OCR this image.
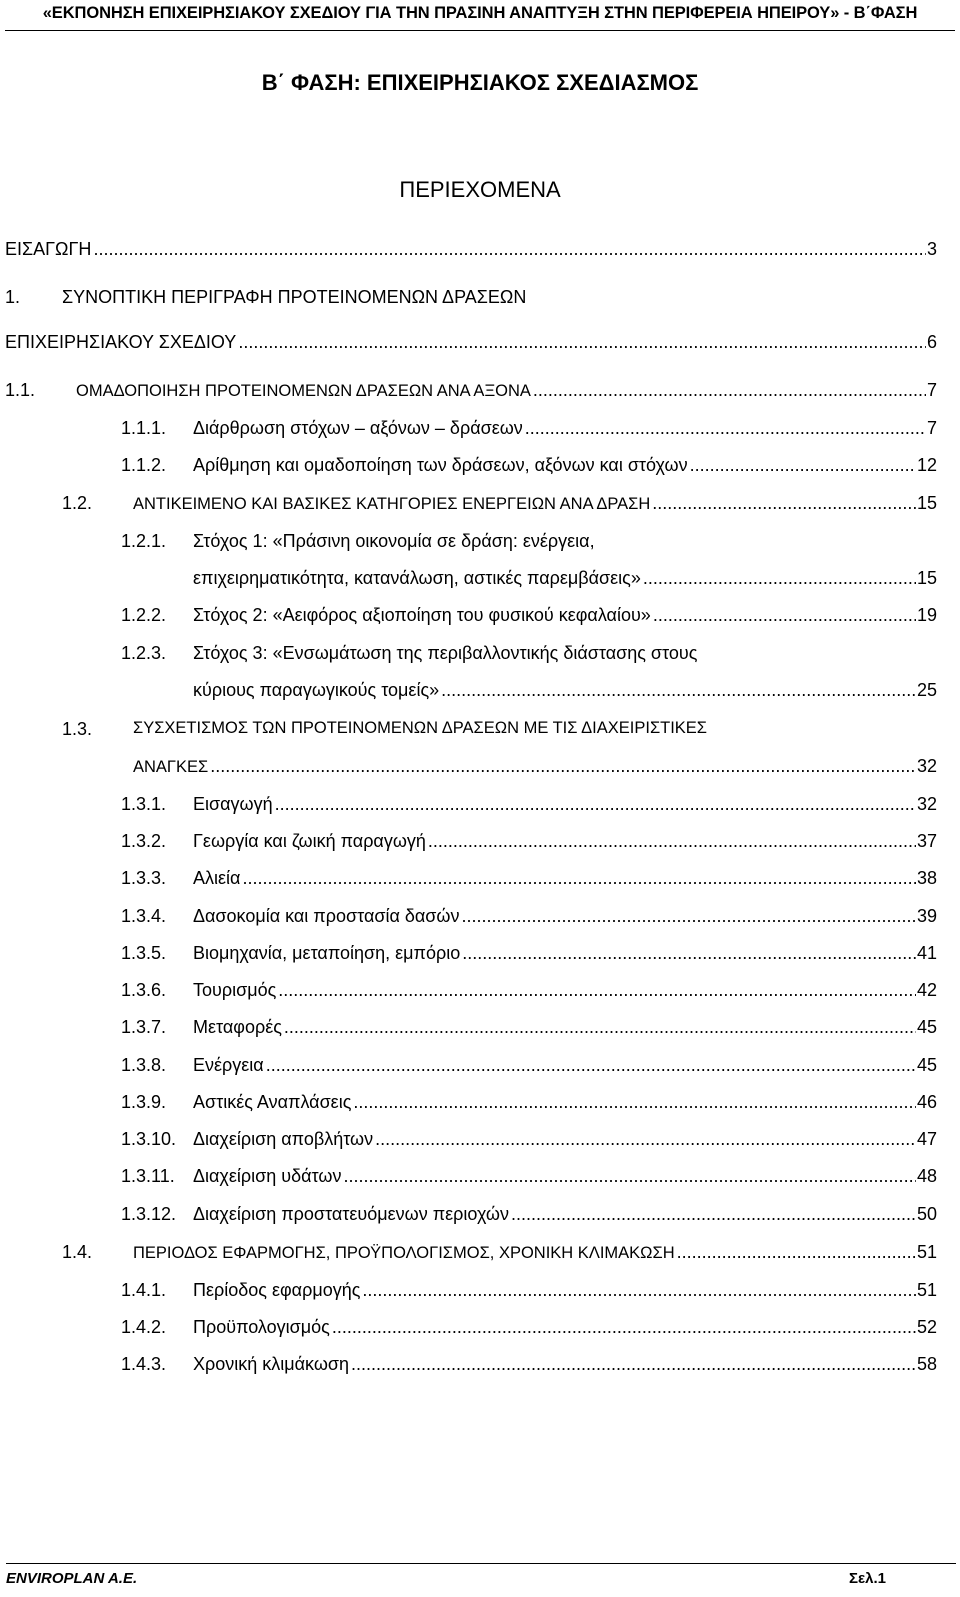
«ΕΚΠΟΝΗΣΗ ΕΠΙΧΕΙΡΗΣΙΑΚΟΥ ΣΧΕΔΙΟΥ ΓΙΑ ΤΗΝ ΠΡΑΣΙΝΗ ΑΝΑΠΤΥΞΗ ΣΤΗΝ ΠΕΡΙΦΕΡΕΙΑ ΗΠΕΙΡΟΥ» - Β΄ΦΑΣΗ
Β΄ ΦΑΣΗ: ΕΠΙΧΕΙΡΗΣΙΑΚΟΣ ΣΧΕΔΙΑΣΜΟΣ
ΠΕΡΙΕΧΟΜΕΝΑ
ΕΙΣΑΓΩΓΗ .....	3
1. ΣΥΝΟΠΤΙΚΗ ΠΕΡΙΓΡΑΦΗ ΠΡΟΤΕΙΝΟΜΕΝΩΝ ΔΡΑΣΕΩΝ
ΕΠΙΧΕΙΡΗΣΙΑΚΟΥ ΣΧΕΔΙΟΥ .....	6
1.1. ΟΜΑΔΟΠΟΙΗΣΗ ΠΡΟΤΕΙΝΟΜΕΝΩΝ ΔΡΑΣΕΩΝ ΑΝΑ ΑΞΟΝΑ .....	7
1.1.1. Διάρθρωση στόχων – αξόνων – δράσεων .....	7
1.1.2. Αρίθμηση και ομαδοποίηση των δράσεων, αξόνων και στόχων .....	12
1.2. ΑΝΤΙΚΕΙΜΕΝΟ ΚΑΙ ΒΑΣΙΚΕΣ ΚΑΤΗΓΟΡΙΕΣ ΕΝΕΡΓΕΙΩΝ ΑΝΑ ΔΡΑΣΗ .....	15
1.2.1. Στόχος 1: «Πράσινη οικονομία σε δράση: ενέργεια,
επιχειρηματικότητα, κατανάλωση, αστικές παρεμβάσεις» .....	15
1.2.2. Στόχος 2: «Αειφόρος αξιοποίηση του φυσικού κεφαλαίου» .....	19
1.2.3. Στόχος 3: «Ενσωμάτωση της περιβαλλοντικής διάστασης στους
κύριους παραγωγικούς τομείς» .....	25
1.3. ΣΥΣΧΕΤΙΣΜΟΣ ΤΩΝ ΠΡΟΤΕΙΝΟΜΕΝΩΝ ΔΡΑΣΕΩΝ ΜΕ ΤΙΣ ΔΙΑΧΕΙΡΙΣΤΙΚΕΣ
ΑΝΑΓΚΕΣ .....	32
1.3.1. Εισαγωγή .....	32
1.3.2. Γεωργία και ζωική παραγωγή .....	37
1.3.3. Αλιεία .....	38
1.3.4. Δασοκομία και προστασία δασών .....	39
1.3.5. Βιομηχανία, μεταποίηση, εμπόριο .....	41
1.3.6. Τουρισμός .....	42
1.3.7. Μεταφορές .....	45
1.3.8. Ενέργεια .....	45
1.3.9. Αστικές Αναπλάσεις .....	46
1.3.10. Διαχείριση αποβλήτων .....	47
1.3.11. Διαχείριση υδάτων .....	48
1.3.12. Διαχείριση προστατευόμενων περιοχών .....	50
1.4. ΠΕΡΙΟΔΟΣ ΕΦΑΡΜΟΓΗΣ, ΠΡΟΫΠΟΛΟΓΙΣΜΟΣ, ΧΡΟΝΙΚΗ ΚΛΙΜΑΚΩΣΗ .....	51
1.4.1. Περίοδος εφαρμογής .....	51
1.4.2. Προϋπολογισμός .....	52
1.4.3. Χρονική κλιμάκωση .....	58
ENVIROPLAN A.E.	Σελ.1
